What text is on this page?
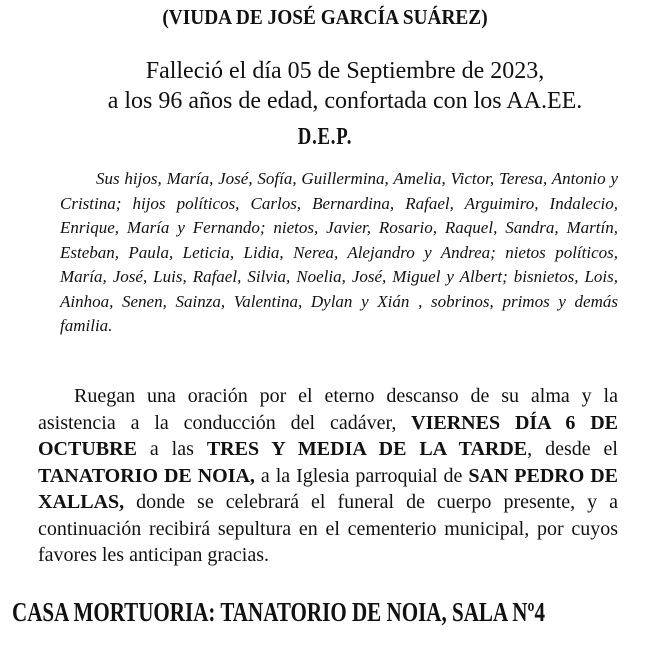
(VIUDA DE JOSÉ GARCÍA SUÁREZ)
Falleció el día 05 de Septiembre de 2023,
a los 96 años de edad, confortada con los AA.EE.
D.E.P.
Sus hijos, María, José, Sofía, Guillermina, Amelia, Victor, Teresa, Antonio y Cristina; hijos políticos, Carlos, Bernardina, Rafael, Arguimiro, Indalecio, Enrique, María y Fernando; nietos, Javier, Rosario, Raquel, Sandra, Martín, Esteban, Paula, Leticia, Lidia, Nerea, Alejandro y Andrea; nietos políticos, María, José, Luis, Rafael, Silvia, Noelia, José, Miguel y Albert; bisnietos, Lois, Ainhoa, Senen, Sainza, Valentina, Dylan y Xián , sobrinos, primos y demás familia.
Ruegan una oración por el eterno descanso de su alma y la asistencia a la conducción del cadáver, VIERNES DÍA 6 DE OCTUBRE a las TRES Y MEDIA DE LA TARDE, desde el TANATORIO DE NOIA, a la Iglesia parroquial de SAN PEDRO DE XALLAS, donde se celebrará el funeral de cuerpo presente, y a continuación recibirá sepultura en el cementerio municipal, por cuyos favores les anticipan gracias.
CASA MORTUORIA: TANATORIO DE NOIA, SALA Nº4
